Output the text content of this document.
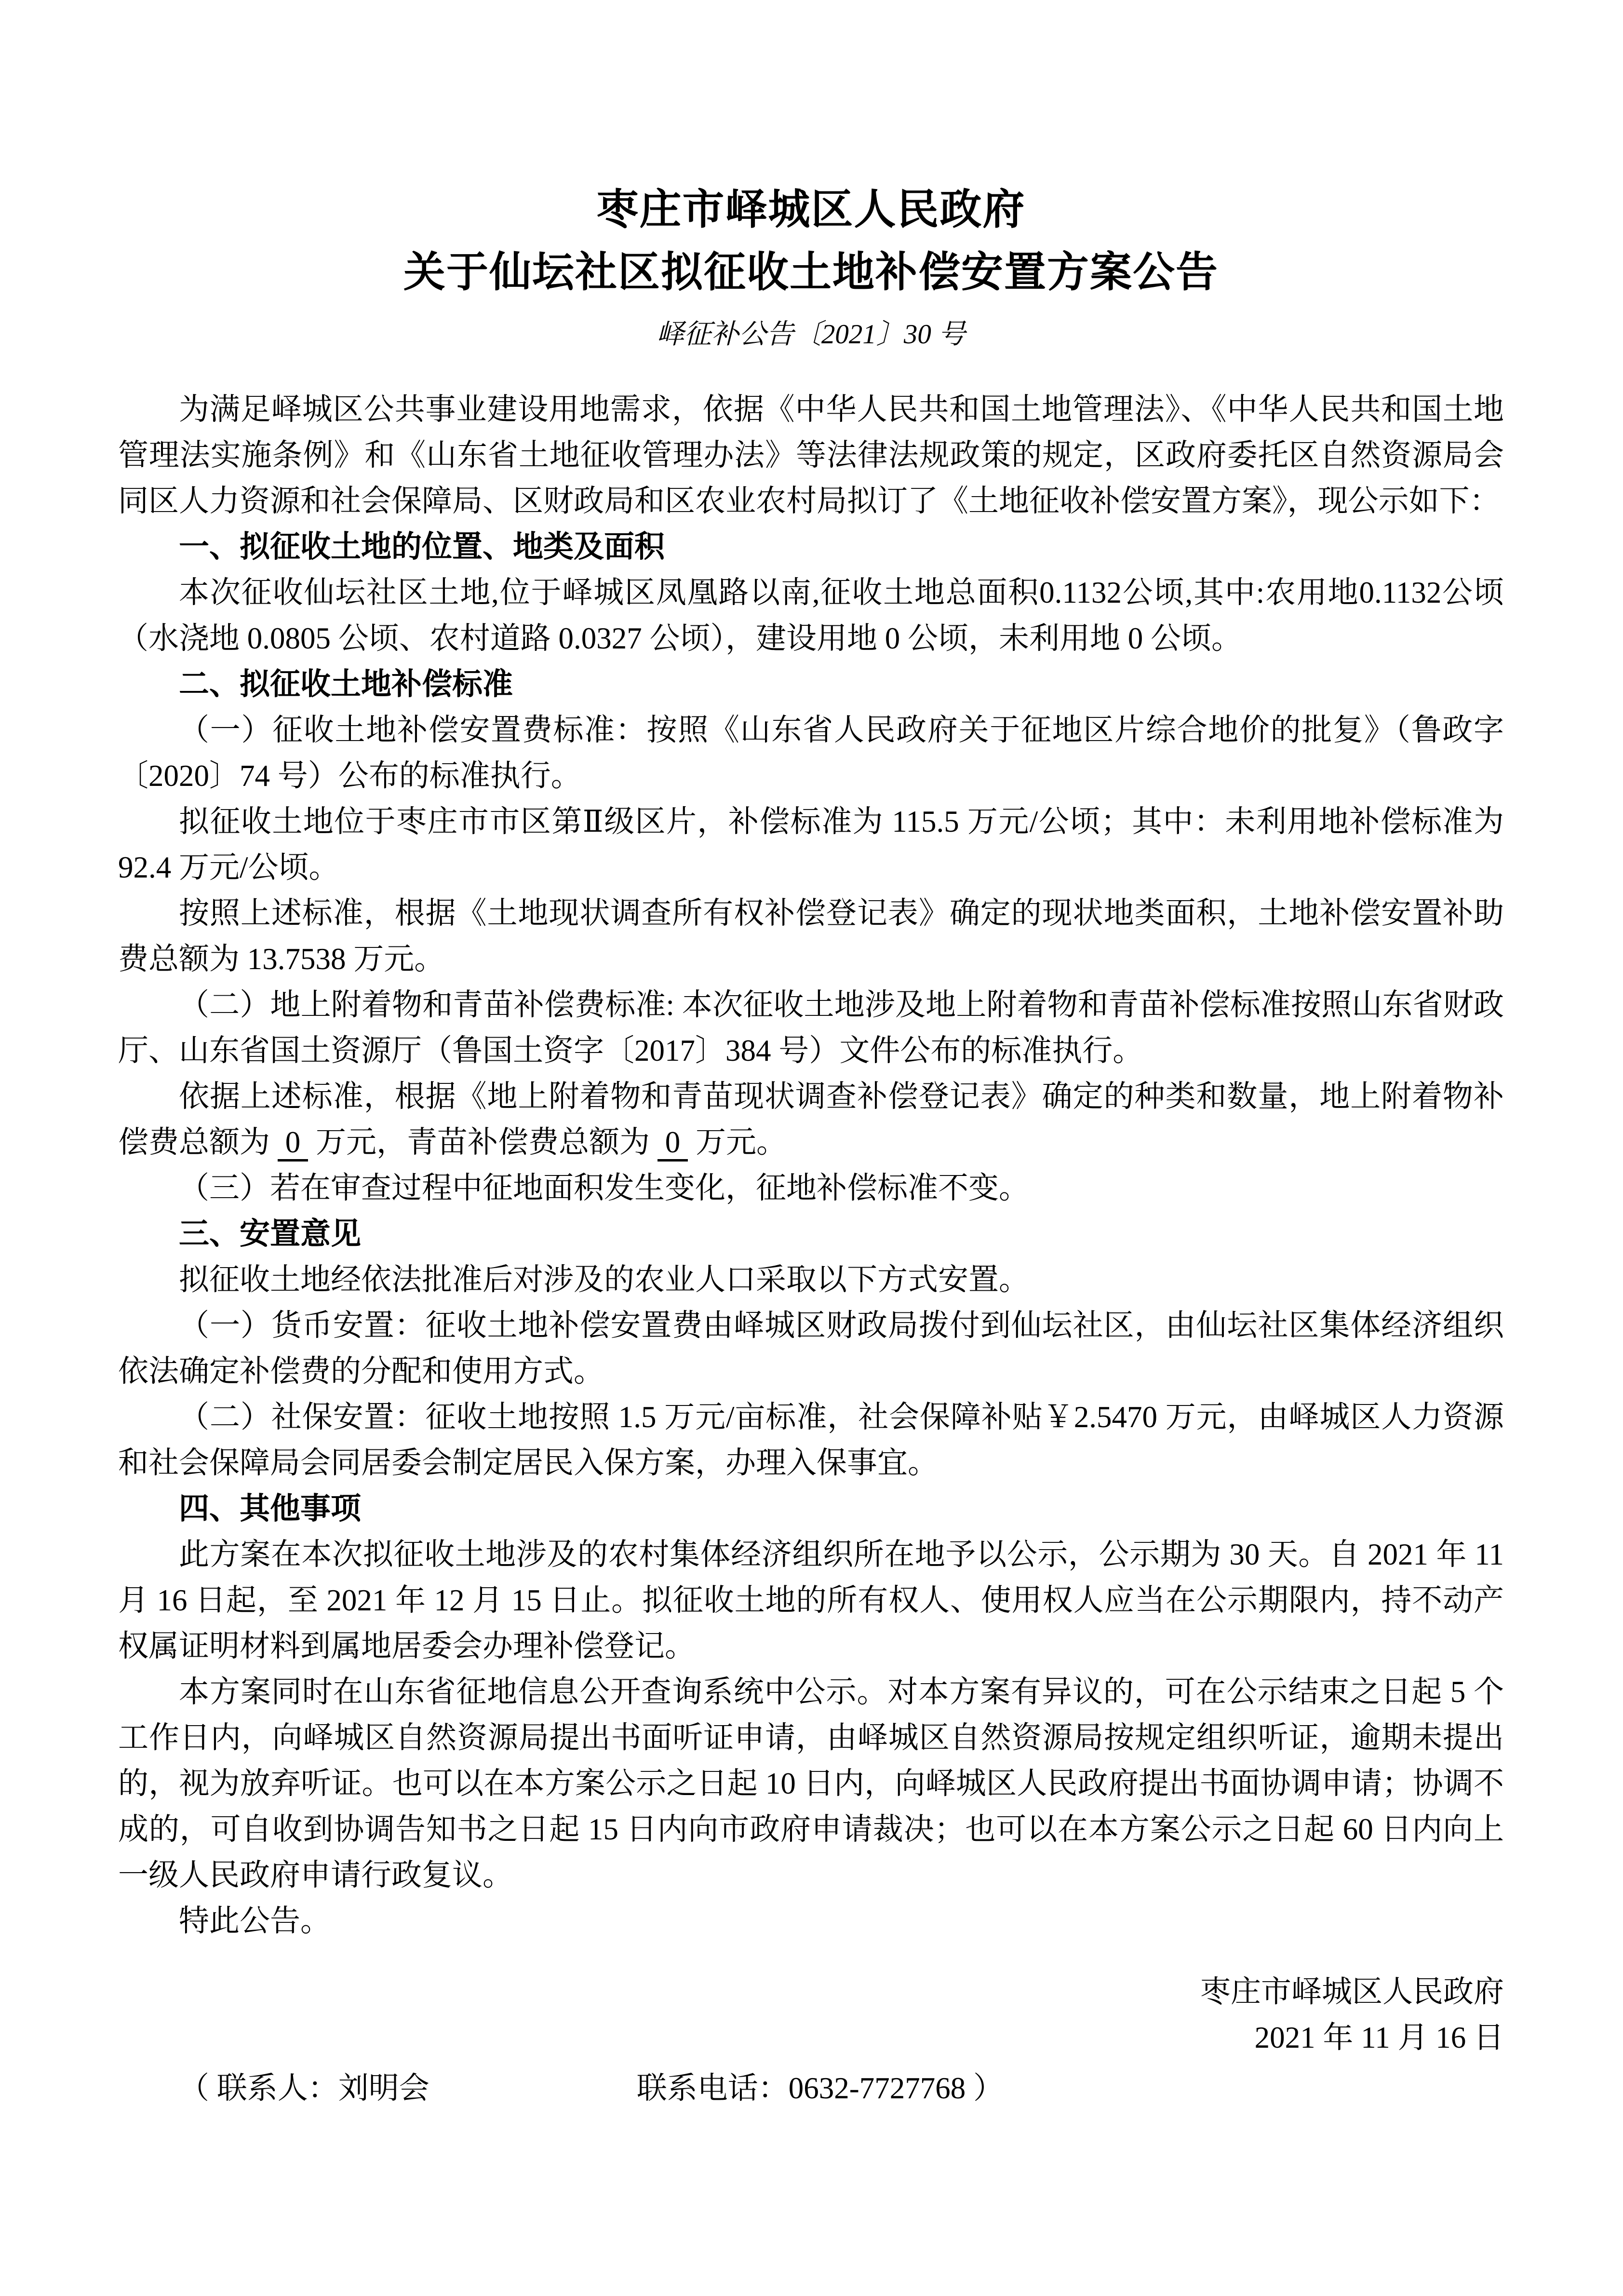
枣庄市峄城区人民政府
关于仙坛社区拟征收土地补偿安置方案公告
峄征补公告〔2021〕30 号

为满足峄城区公共事业建设用地需求，依据《中华人民共和国土地管理法》、《中华人民共和国土地管理法实施条例》和《山东省土地征收管理办法》等法律法规政策的规定，区政府委托区自然资源局会同区人力资源和社会保障局、区财政局和区农业农村局拟订了《土地征收补偿安置方案》，现公示如下：

一、拟征收土地的位置、地类及面积

本次征收仙坛社区土地,位于峄城区凤凰路以南,征收土地总面积0.1132公顷,其中:农用地0.1132公顷（水浇地 0.0805 公顷、农村道路 0.0327 公顷），建设用地 0 公顷，未利用地 0 公顷。

二、拟征收土地补偿标准

（一）征收土地补偿安置费标准：按照《山东省人民政府关于征地区片综合地价的批复》（鲁政字〔2020〕74 号）公布的标准执行。

拟征收土地位于枣庄市市区第Ⅱ级区片，补偿标准为 115.5 万元/公顷；其中：未利用地补偿标准为 92.4 万元/公顷。

按照上述标准，根据《土地现状调查所有权补偿登记表》确定的现状地类面积，土地补偿安置补助费总额为 13.7538 万元。

（二）地上附着物和青苗补偿费标准: 本次征收土地涉及地上附着物和青苗补偿标准按照山东省财政厅、山东省国土资源厅（鲁国土资字〔2017〕384 号）文件公布的标准执行。

依据上述标准，根据《地上附着物和青苗现状调查补偿登记表》确定的种类和数量，地上附着物补偿费总额为 0 万元，青苗补偿费总额为 0 万元。

（三）若在审查过程中征地面积发生变化，征地补偿标准不变。

三、安置意见

拟征收土地经依法批准后对涉及的农业人口采取以下方式安置。

（一）货币安置：征收土地补偿安置费由峄城区财政局拨付到仙坛社区，由仙坛社区集体经济组织依法确定补偿费的分配和使用方式。

（二）社保安置：征收土地按照 1.5 万元/亩标准，社会保障补贴￥2.5470 万元，由峄城区人力资源和社会保障局会同居委会制定居民入保方案，办理入保事宜。

四、其他事项

此方案在本次拟征收土地涉及的农村集体经济组织所在地予以公示，公示期为 30 天。自 2021 年 11 月 16 日起，至 2021 年 12 月 15 日止。拟征收土地的所有权人、使用权人应当在公示期限内，持不动产权属证明材料到属地居委会办理补偿登记。

本方案同时在山东省征地信息公开查询系统中公示。对本方案有异议的，可在公示结束之日起 5 个工作日内，向峄城区自然资源局提出书面听证申请，由峄城区自然资源局按规定组织听证，逾期未提出的，视为放弃听证。也可以在本方案公示之日起 10 日内，向峄城区人民政府提出书面协调申请；协调不成的，可自收到协调告知书之日起 15 日内向市政府申请裁决；也可以在本方案公示之日起 60 日内向上一级人民政府申请行政复议。

特此公告。

枣庄市峄城区人民政府

2021 年 11 月 16 日

（ 联系人：刘明会	联系电话：0632-7727768 ）
